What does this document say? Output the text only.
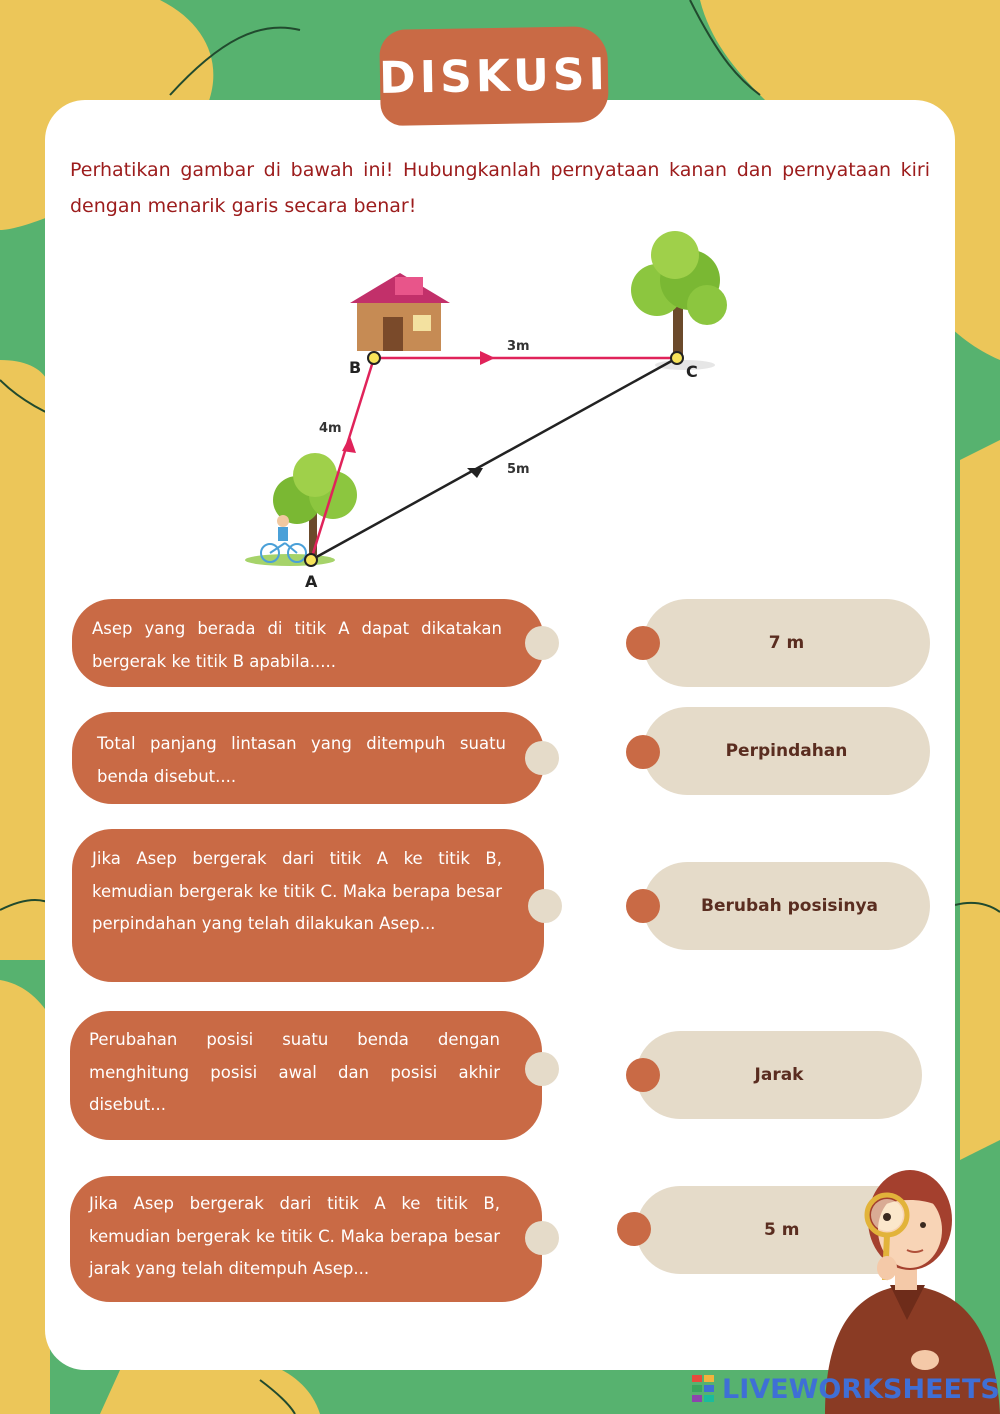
DISKUSI

Perhatikan gambar di bawah ini! Hubungkanlah pernyataan kanan dan pernyataan kiri dengan menarik garis secara benar!

A
B	C
4m
3m
5m
Asep yang berada di titik A dapat dikatakan bergerak ke titik B apabila.....
Total panjang lintasan yang ditempuh suatu benda disebut....
Jika Asep bergerak dari titik A ke titik B, kemudian bergerak ke titik C. Maka berapa besar perpindahan yang telah dilakukan Asep...
Perubahan posisi suatu benda dengan menghitung posisi awal dan posisi akhir disebut...
Jika Asep bergerak dari titik A ke titik B, kemudian bergerak ke titik C. Maka berapa besar jarak yang telah ditempuh Asep...
7 m
Perpindahan
Berubah posisinya
Jarak
5 m
LIVEWORKSHEETS
